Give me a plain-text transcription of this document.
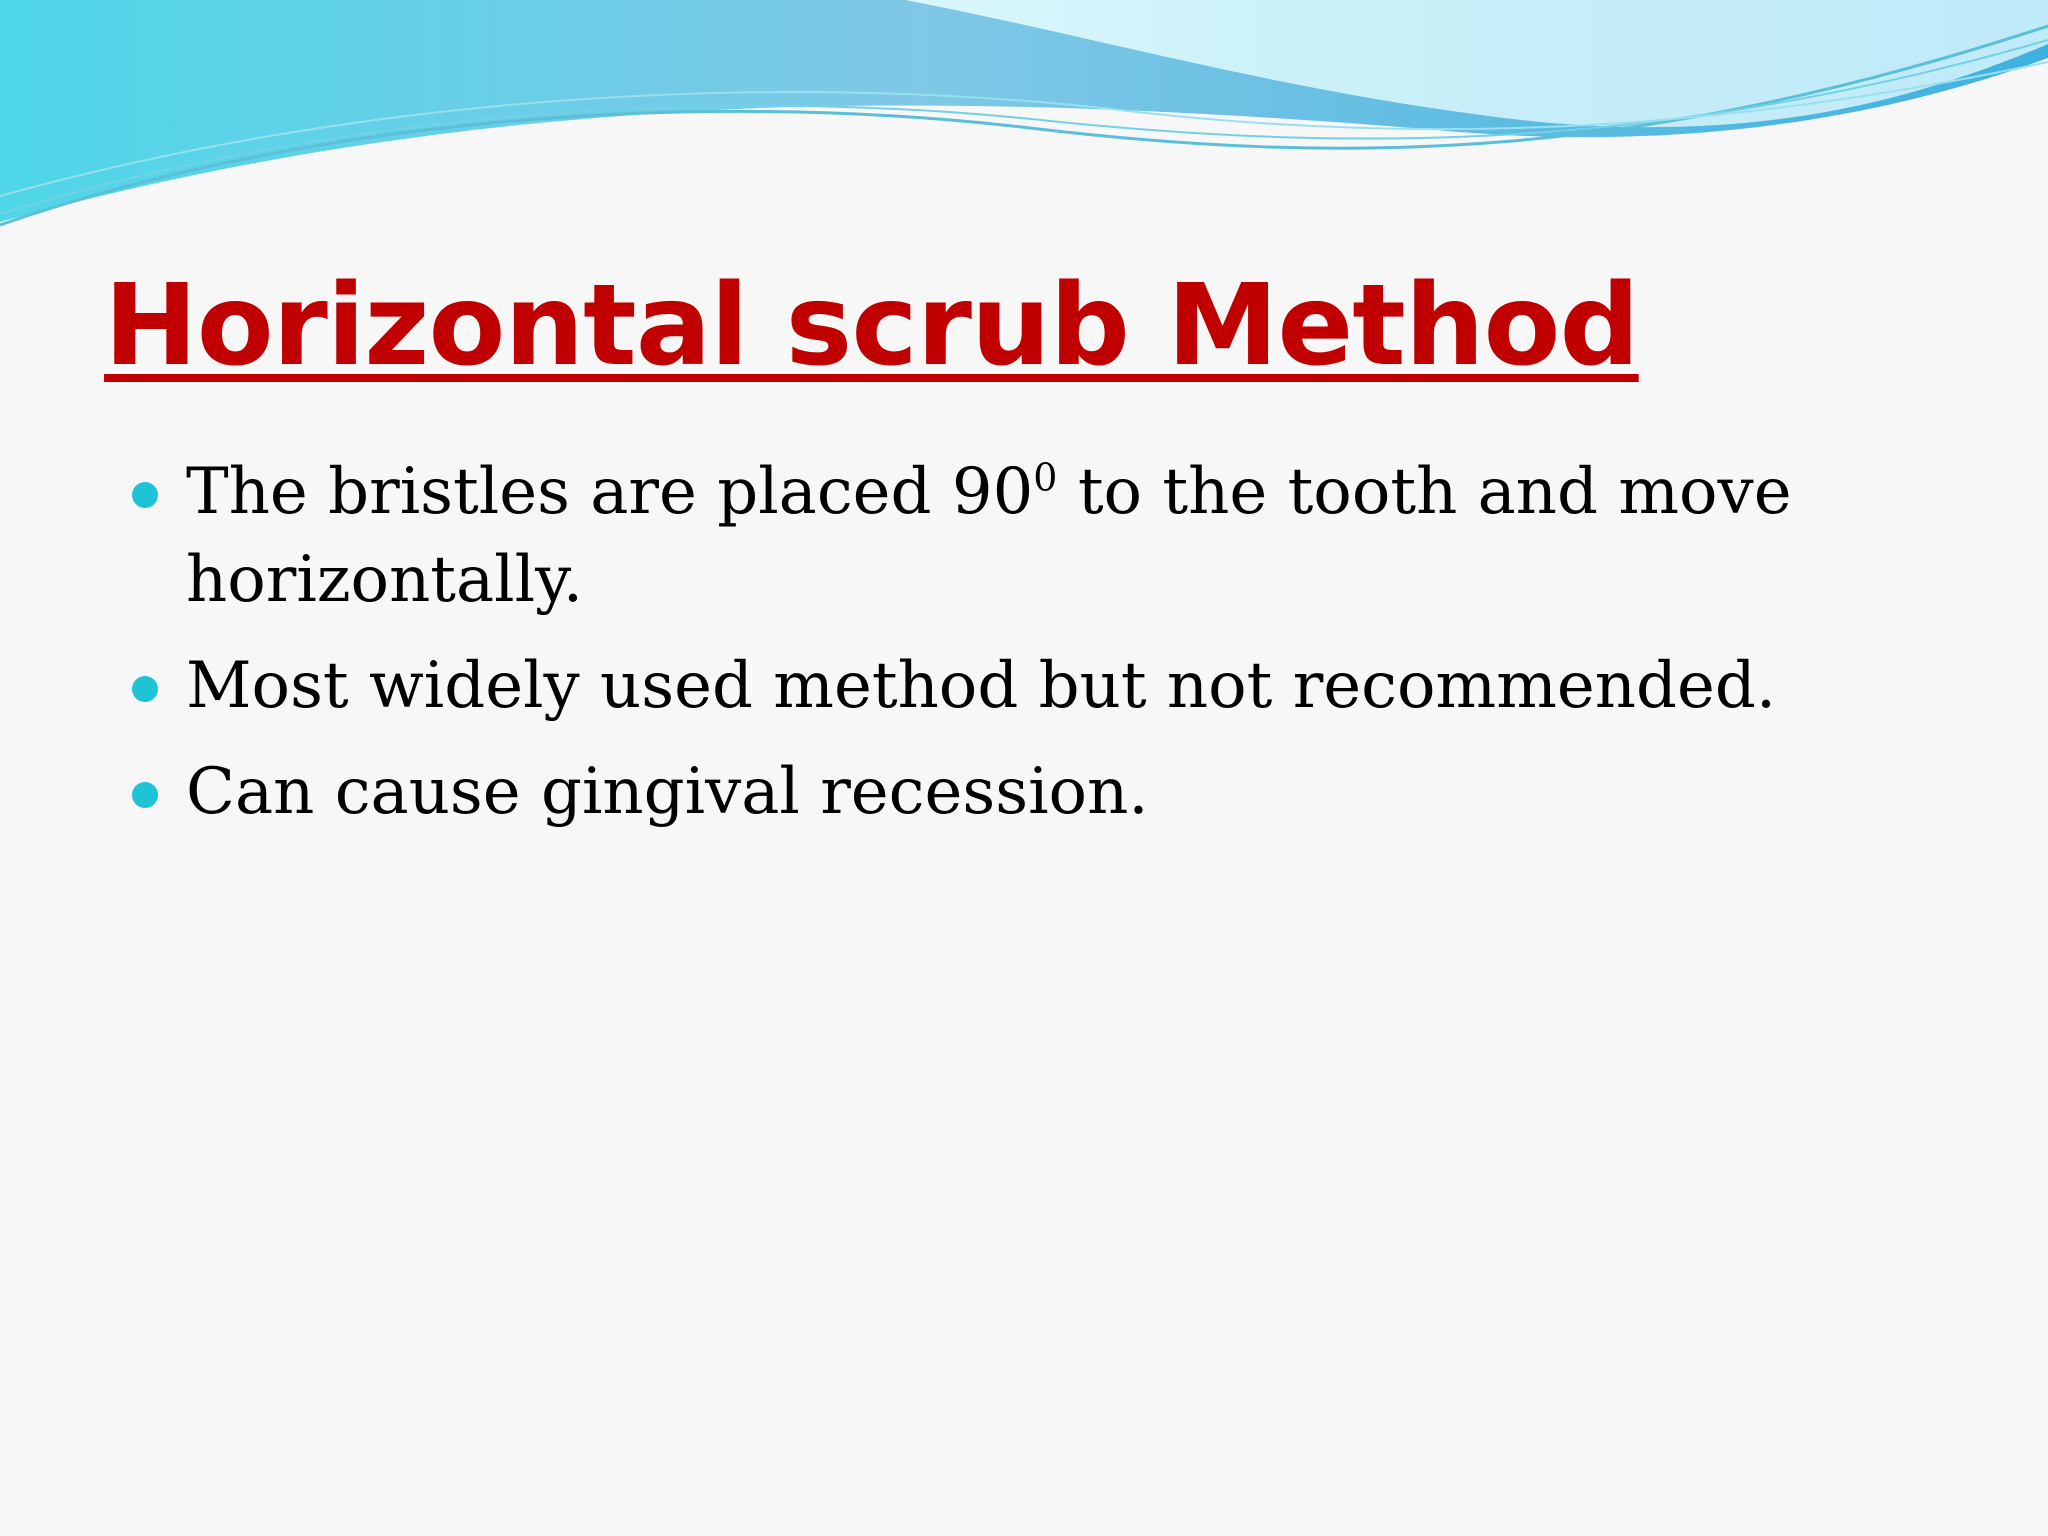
Horizontal scrub Method
The bristles are placed $90^0$ to the tooth and move horizontally.
Most widely used method but not recommended.
Can cause gingival recession.
